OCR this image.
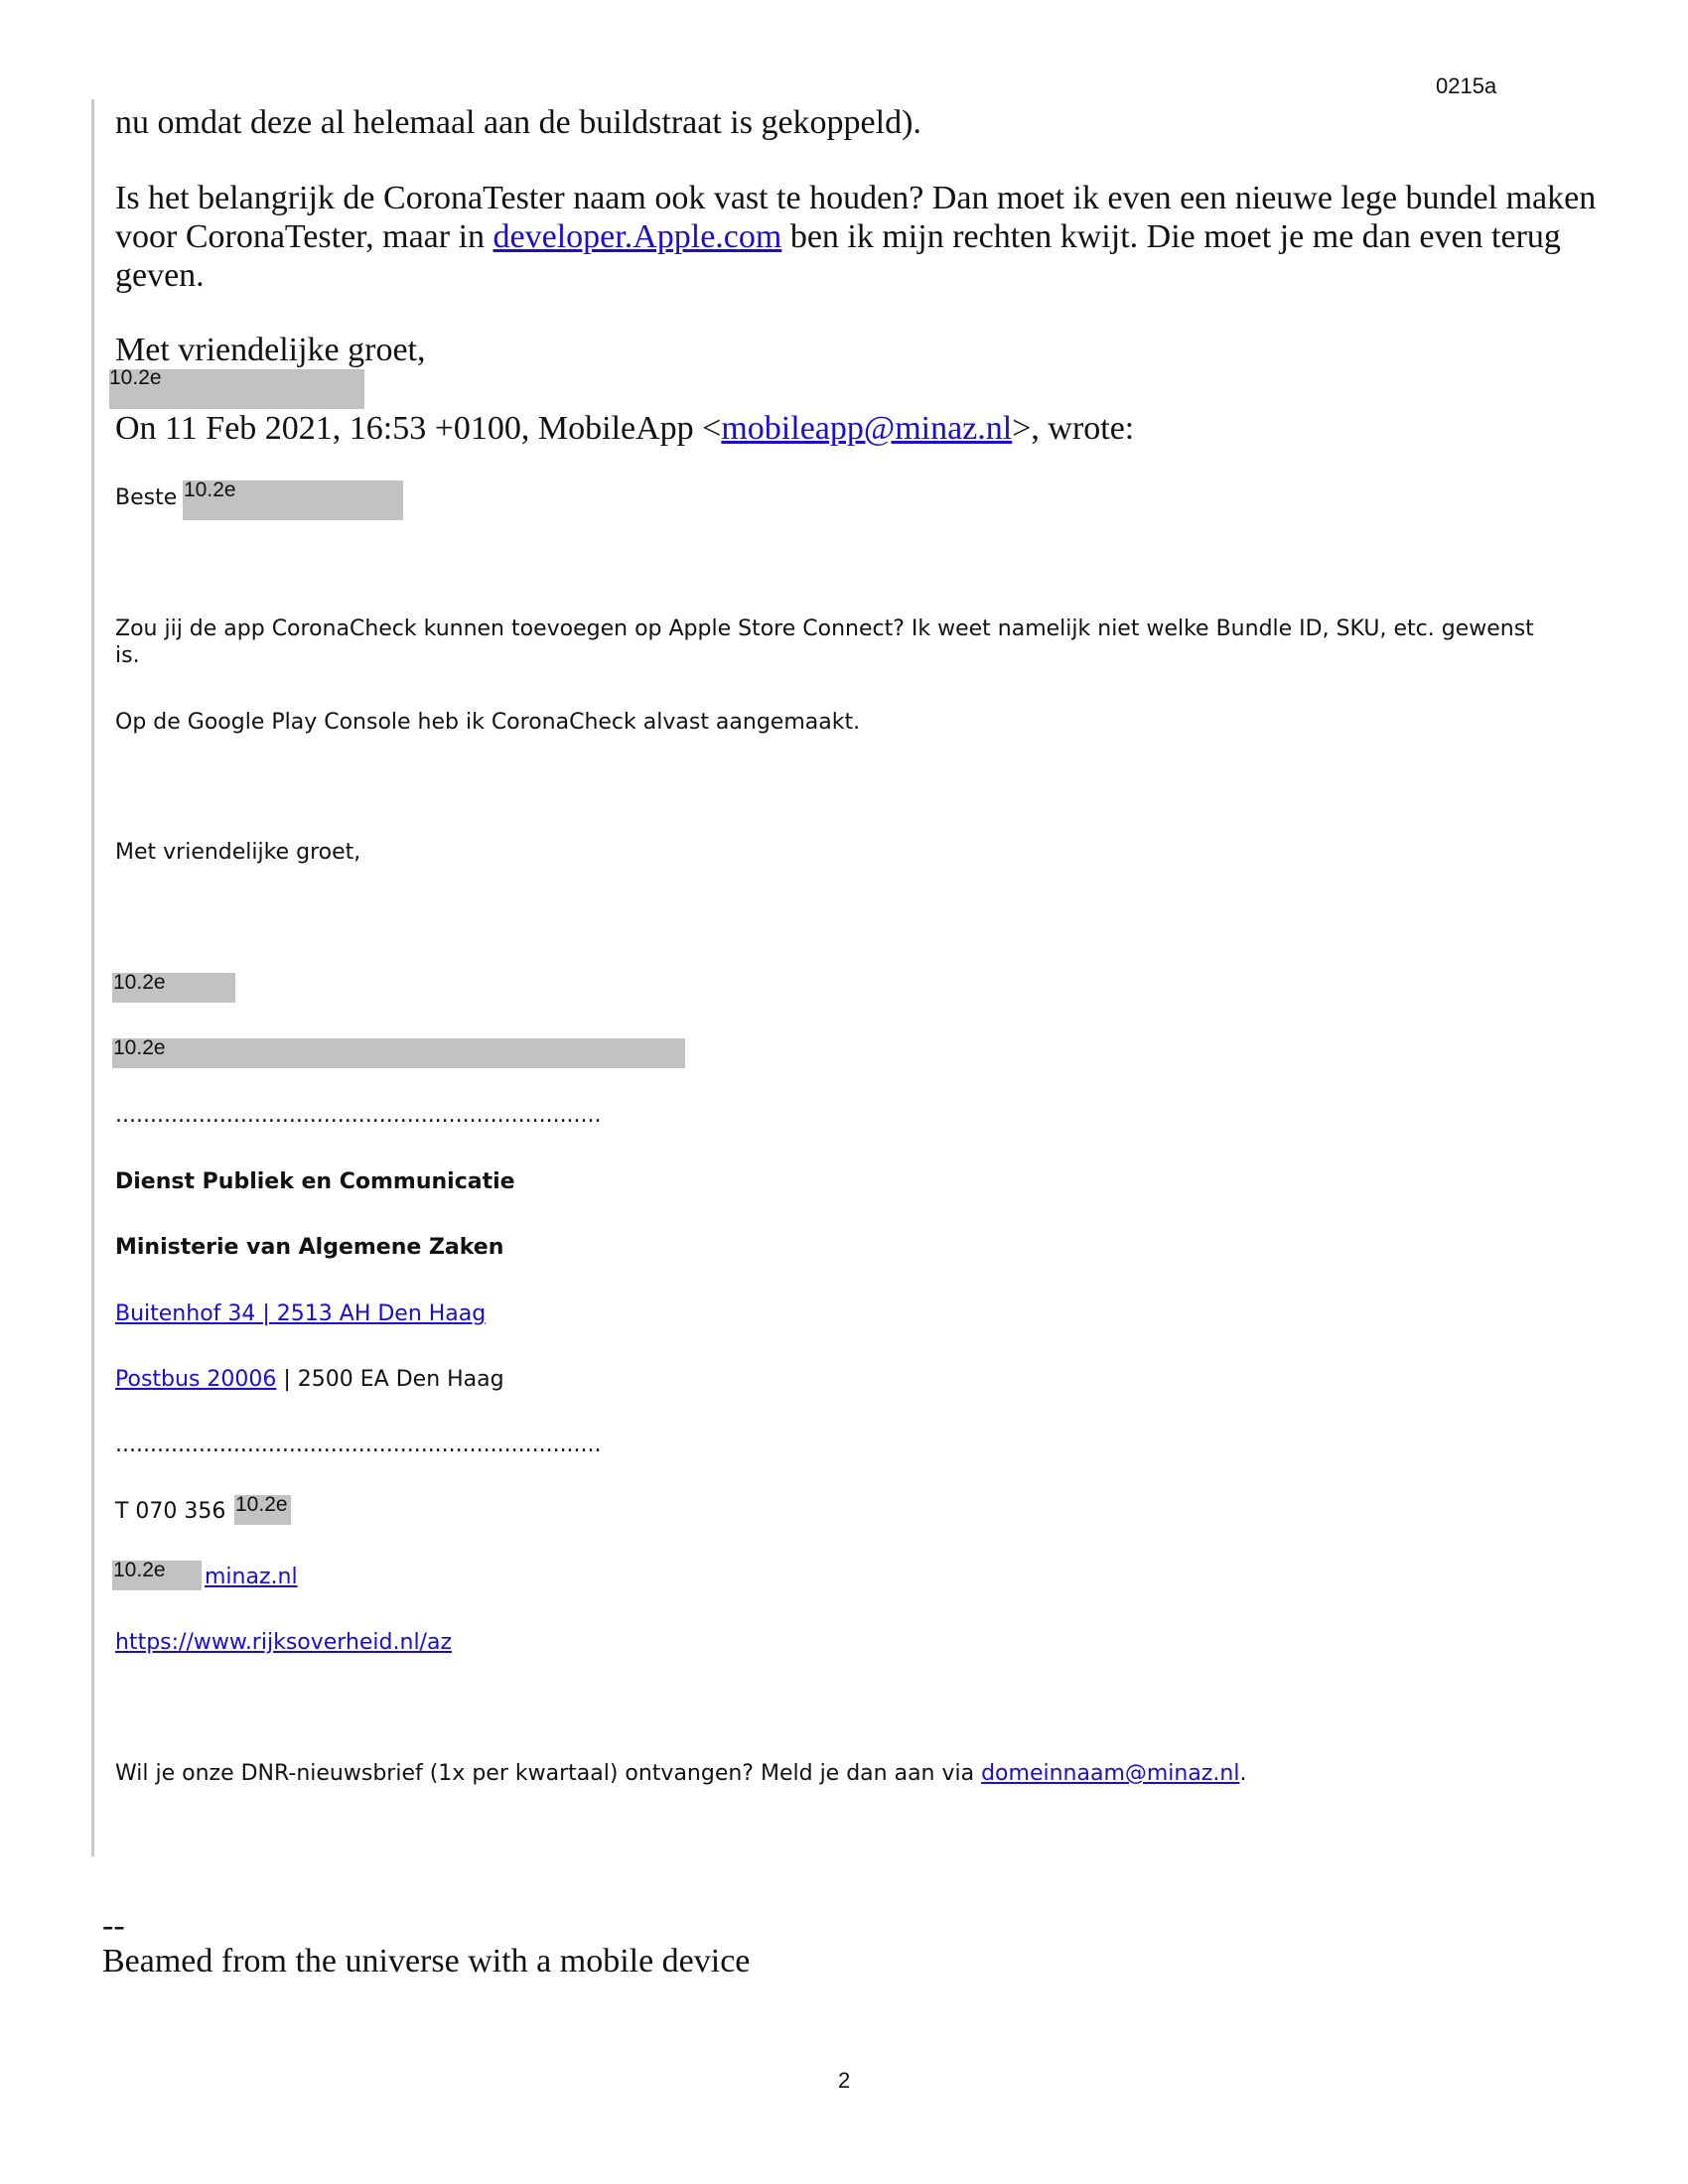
0215a
nu omdat deze al helemaal aan de buildstraat is gekoppeld).
Is het belangrijk de CoronaTester naam ook vast te houden? Dan moet ik even een nieuwe lege bundel maken
voor CoronaTester, maar in developer.Apple.com ben ik mijn rechten kwijt. Die moet je me dan even terug
geven.
Met vriendelijke groet,
10.2e
On 11 Feb 2021, 16:53 +0100, MobileApp <mobileapp@minaz.nl>, wrote:
Beste 10.2e
Zou jij de app CoronaCheck kunnen toevoegen op Apple Store Connect? Ik weet namelijk niet welke Bundle ID, SKU, etc. gewenst
is.
Op de Google Play Console heb ik CoronaCheck alvast aangemaakt.
Met vriendelijke groet,
10.2e
10.2e
......................................................................
Dienst Publiek en Communicatie
Ministerie van Algemene Zaken
Buitenhof 34 | 2513 AH Den Haag
Postbus 20006 | 2500 EA Den Haag
......................................................................
T 070 356 10.2e
10.2e minaz.nl
https://www.rijksoverheid.nl/az
Wil je onze DNR-nieuwsbrief (1x per kwartaal) ontvangen? Meld je dan aan via domeinnaam@minaz.nl.
--
Beamed from the universe with a mobile device
2
